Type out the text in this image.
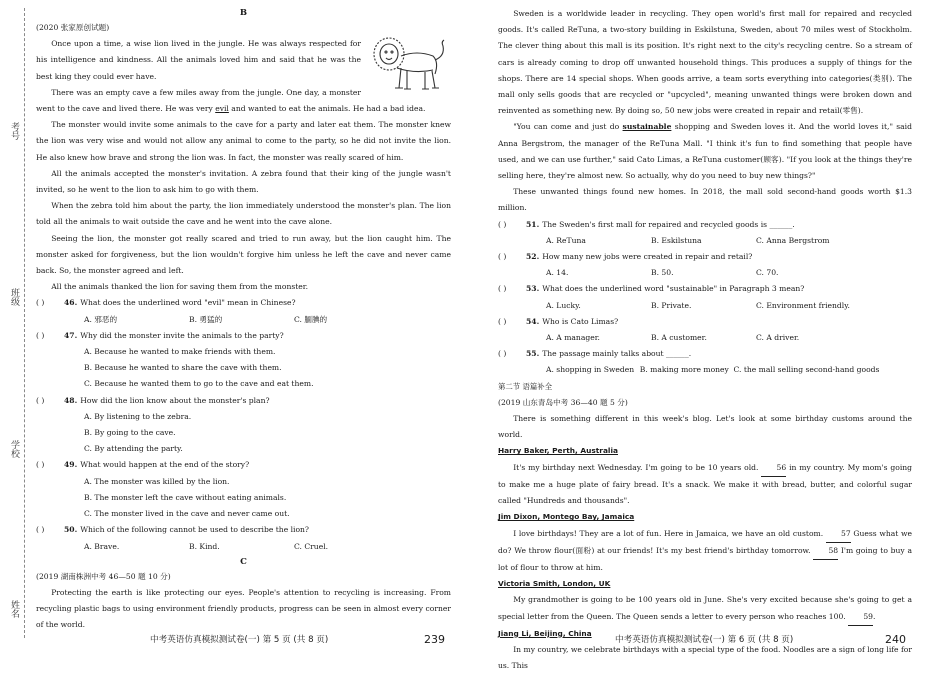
考号
班级
学校
姓名
B
(2020 张家原创试题)

Once upon a time, a wise lion lived in the jungle. He was always respected for his intelligence and kindness. All the animals loved him and said that he was the best king they could ever have.

There was an empty cave a few miles away from the jungle. One day, a monster went to the cave and lived there. He was very evil and wanted to eat the animals. He had a bad idea.

The monster would invite some animals to the cave for a party and later eat them. The monster knew the lion was very wise and would not allow any animal to come to the party, so he did not invite the lion. He also knew how brave and strong the lion was. In fact, the monster was really scared of him.

All the animals accepted the monster's invitation. A zebra found that their king of the jungle wasn't invited, so he went to the lion to ask him to go with them.

When the zebra told him about the party, the lion immediately understood the monster's plan. The lion told all the animals to wait outside the cave and he went into the cave alone.

Seeing the lion, the monster got really scared and tried to run away, but the lion caught him. The monster asked for forgiveness, but the lion wouldn't forgive him unless he left the cave and never came back. So, the monster agreed and left.

All the animals thanked the lion for saving them from the monster.

( )	46. What does the underlined word "evil" mean in Chinese?
A. 邪恶的	B. 勇猛的	C. 腼腆的
( )	47. Why did the monster invite the animals to the party?
A. Because he wanted to make friends with them.
B. Because he wanted to share the cave with them.
C. Because he wanted them to go to the cave and eat them.
( )	48. How did the lion know about the monster's plan?
A. By listening to the zebra.
B. By going to the cave.
C. By attending the party.
( )	49. What would happen at the end of the story?
A. The monster was killed by the lion.
B. The monster left the cave without eating animals.
C. The monster lived in the cave and never came out.
( )	50. Which of the following cannot be used to describe the lion?
A. Brave.	B. Kind.	C. Cruel.
C
(2019 湖南株洲中考 46—50 题 10 分)

Protecting the earth is like protecting our eyes. People's attention to recycling is increasing. From recycling plastic bags to using environment friendly products, progress can be seen in almost every corner of the world.

中考英语仿真模拟测试卷(一) 第 5 页 (共 8 页)	239

Sweden is a worldwide leader in recycling. They open world's first mall for repaired and recycled goods. It's called ReTuna, a two-story building in Eskilstuna, Sweden, about 70 miles west of Stockholm. The clever thing about this mall is its position. It's right next to the city's recycling centre. So a stream of cars is already coming to drop off unwanted household things. This produces a supply of things for the shops. There are 14 special shops. When goods arrive, a team sorts everything into categories(类别). The mall only sells goods that are recycled or "upcycled", meaning unwanted things were broken down and reinvented as something new. By doing so, 50 new jobs were created in repair and retail(零售).

"You can come and just do sustainable shopping and Sweden loves it. And the world loves it," said Anna Bergstrom, the manager of the ReTuna Mall. "I think it's fun to find something that people have used, and we can use further," said Cato Limas, a ReTuna customer(顾客). "If you look at the things they're selling here, they're almost new. So actually, why do you need to buy new things?"

These unwanted things found new homes. In 2018, the mall sold second-hand goods worth $1.3 million.

( )	51. The Sweden's first mall for repaired and recycled goods is ______.
A. ReTuna	B. Eskilstuna	C. Anna Bergstrom
( )	52. How many new jobs were created in repair and retail?
A. 14.	B. 50.	C. 70.
( )	53. What does the underlined word "sustainable" in Paragraph 3 mean?
A. Lucky.	B. Private.	C. Environment friendly.
( )	54. Who is Cato Limas?
A. A manager.	B. A customer.	C. A driver.
( )	55. The passage mainly talks about ______.
A. shopping in Sweden B. making more money C. the mall selling second-hand goods
第二节 语篇补全
(2019 山东青岛中考 36—40 题 5 分)

There is something different in this week's blog. Let's look at some birthday customs around the world.

Harry Baker, Perth, Australia

It's my birthday next Wednesday. I'm going to be 10 years old. 56 in my country. My mom's going to make me a huge plate of fairy bread. It's a snack. We make it with bread, butter, and colorful sugar called "Hundreds and thousands".

Jim Dixon, Montego Bay, Jamaica

I love birthdays! They are a lot of fun. Here in Jamaica, we have an old custom. 57 Guess what we do? We throw flour(面粉) at our friends! It's my best friend's birthday tomorrow. 58 I'm going to buy a lot of flour to throw at him.

Victoria Smith, London, UK

My grandmother is going to be 100 years old in June. She's very excited because she's going to get a special letter from the Queen. The Queen sends a letter to every person who reaches 100. 59.

Jiang Li, Beijing, China

In my country, we celebrate birthdays with a special type of the food. Noodles are a sign of long life for us. This

中考英语仿真模拟测试卷(一) 第 6 页 (共 8 页)	240
